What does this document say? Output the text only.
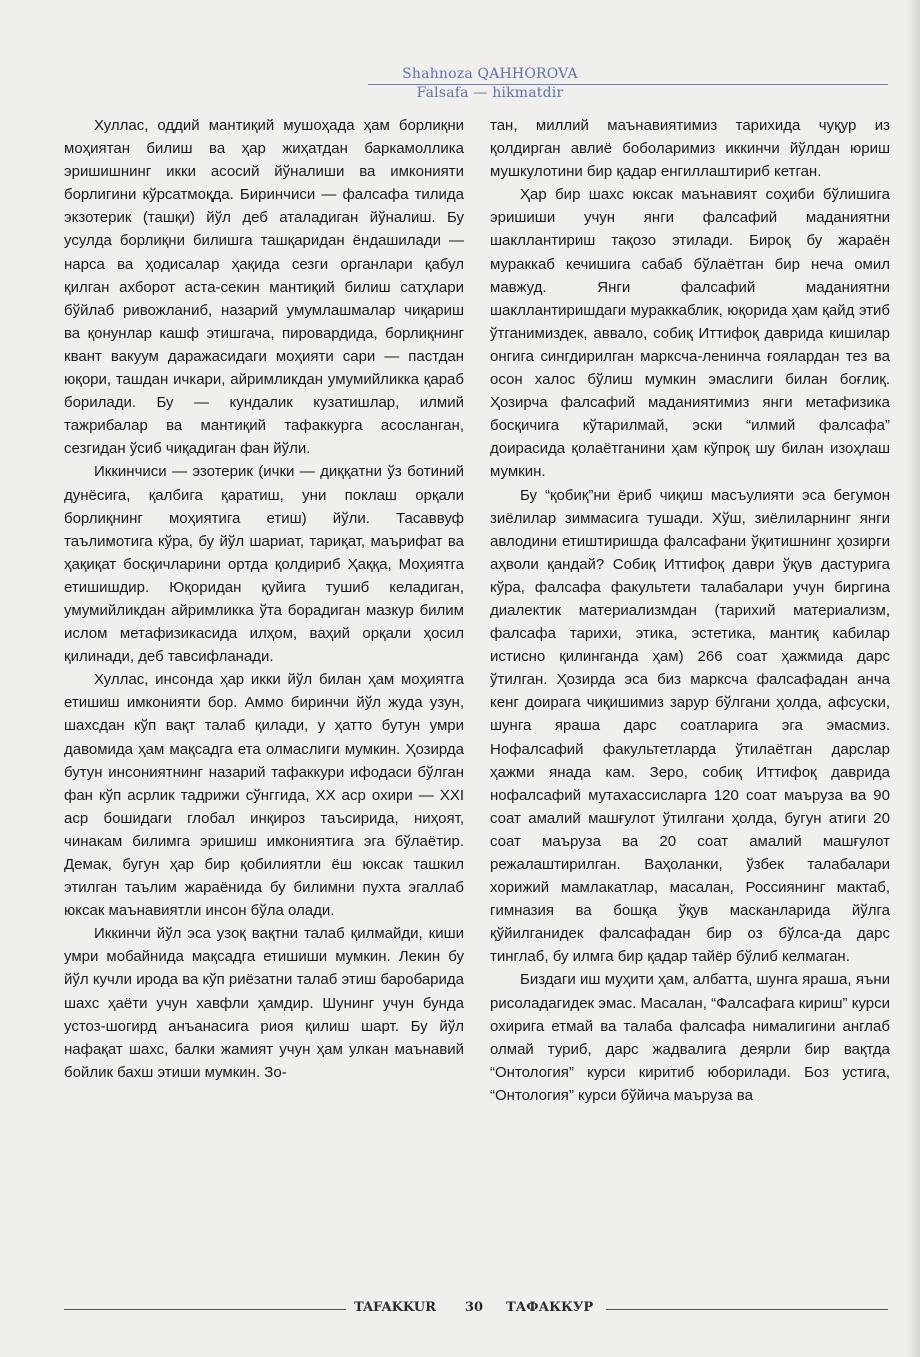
Shahnoza QAHHOROVA
Falsafa — hikmatdir

Хуллас, оддий мантиқий мушоҳада ҳам борлиқни моҳиятан билиш ва ҳар жиҳатдан баркамоллика эришишнинг икки асосий йўналиши ва имконияти борлигини кўрсатмоқда. Биринчиси — фалсафа тилида экзотерик (ташқи) йўл деб аталадиган йўналиш. Бу усулда борлиқни билишга ташқаридан ёндашилади — нарса ва ҳодисалар ҳақида сезги органлари қабул қилган ахборот аста-секин мантиқий билиш сатҳлари бўйлаб ривожланиб, назарий умумлашмалар чиқариш ва қонунлар кашф этишгача, пировардида, борлиқнинг квант вакуум даражасидаги моҳияти сари — пастдан юқори, ташдан ичкари, айримликдан умумийликка қараб борилади. Бу — кундалик кузатишлар, илмий тажрибалар ва мантиқий тафаккурга асосланган, сезгидан ўсиб чиқадиган фан йўли.

Иккинчиси — эзотерик (ички — диққатни ўз ботиний дунёсига, қалбига қаратиш, уни поклаш орқали борлиқнинг моҳиятига етиш) йўли. Тасаввуф таълимотига кўра, бу йўл шариат, тариқат, маърифат ва ҳақиқат босқичларини ортда қолдириб Ҳаққа, Моҳиятга етишишдир. Юқоридан қуйига тушиб келадиган, умумийликдан айримликка ўта борадиган мазкур билим ислом метафизикасида илҳом, ваҳий орқали ҳосил қилинади, деб тавсифланади.

Хуллас, инсонда ҳар икки йўл билан ҳам моҳиятга етишиш имконияти бор. Аммо биринчи йўл жуда узун, шахсдан кўп вақт талаб қилади, у ҳатто бутун умри давомида ҳам мақсадга ета олмаслиги мумкин. Ҳозирда бутун инсониятнинг назарий тафаккури ифодаси бўлган фан кўп асрлик тадрижи сўнггида, XX аср охири — XXI аср бошидаги глобал инқироз таъсирида, ниҳоят, чинакам билимга эришиш имкониятига эга бўлаётир. Демак, бугун ҳар бир қобилиятли ёш юксак ташкил этилган таълим жараёнида бу билимни пухта эгаллаб юксак маънавиятли инсон бўла олади.

Иккинчи йўл эса узоқ вақтни талаб қилмайди, киши умри мобайнида мақсадга етишиши мумкин. Лекин бу йўл кучли ирода ва кўп риёзатни талаб этиш баробарида шахс ҳаёти учун хавфли ҳамдир. Шунинг учун бунда устоз-шогирд анъанасига риоя қилиш шарт. Бу йўл нафақат шахс, балки жамият учун ҳам улкан маънавий бойлик бахш этиши мумкин. Зо-

тан, миллий маънавиятимиз тарихида чуқур из қолдирган авлиё боболаримиз иккинчи йўлдан юриш мушкулотини бир қадар енгиллаштириб кетган.

Ҳар бир шахс юксак маънавият соҳиби бўлишига эришиши учун янги фалсафий маданиятни шакллантириш тақозо этилади. Бироқ бу жараён мураккаб кечишига сабаб бўлаётган бир неча омил мавжуд. Янги фалсафий маданиятни шакллантиришдаги мураккаблик, юқорида ҳам қайд этиб ўтганимиздек, аввало, собиқ Иттифоқ даврида кишилар онгига сингдирилган марксча-ленинча ғоялардан тез ва осон халос бўлиш мумкин эмаслиги билан боғлиқ. Ҳозирча фалсафий маданиятимиз янги метафизика босқичига кўтарилмай, эски “илмий фалсафа” доирасида қолаётганини ҳам кўпроқ шу билан изоҳлаш мумкин.

Бу “қобиқ”ни ёриб чиқиш масъулияти эса бегумон зиёлилар зиммасига тушади. Хўш, зиёлиларнинг янги авлодини етиштиришда фалсафани ўқитишнинг ҳозирги аҳволи қандай? Собиқ Иттифоқ даври ўқув дастурига кўра, фалсафа факультети талабалари учун биргина диалектик материализмдан (тарихий материализм, фалсафа тарихи, этика, эстетика, мантиқ кабилар истисно қилинганда ҳам) 266 соат ҳажмида дарс ўтилган. Ҳозирда эса биз марксча фалсафадан анча кенг доирага чиқишимиз зарур бўлгани ҳолда, афсуски, шунга яраша дарс соатларига эга эмасмиз. Нофалсафий факультетларда ўтилаётган дарслар ҳажми янада кам. Зеро, собиқ Иттифоқ даврида нофалсафий мутахассисларга 120 соат маъруза ва 90 соат амалий машғулот ўтилгани ҳолда, бугун атиги 20 соат маъруза ва 20 соат амалий машғулот режалаштирилган. Ваҳоланки, ўзбек талабалари хорижий мамлакатлар, масалан, Россиянинг мактаб, гимназия ва бошқа ўқув масканларида йўлга қўйилганидек фалсафадан бир оз бўлса-да дарс тинглаб, бу илмга бир қадар тайёр бўлиб келмаган.

Биздаги иш муҳити ҳам, албатта, шунга яраша, яъни рисоладагидек эмас. Масалан, “Фалсафага кириш” курси охирига етмай ва талаба фалсафа нималигини англаб олмай туриб, дарс жадвалига деярли бир вақтда “Онтология” курси киритиб юборилади. Боз устига, “Онтология” курси бўйича маъруза ва

TAFAKKUR 30 ТАФАККУР
